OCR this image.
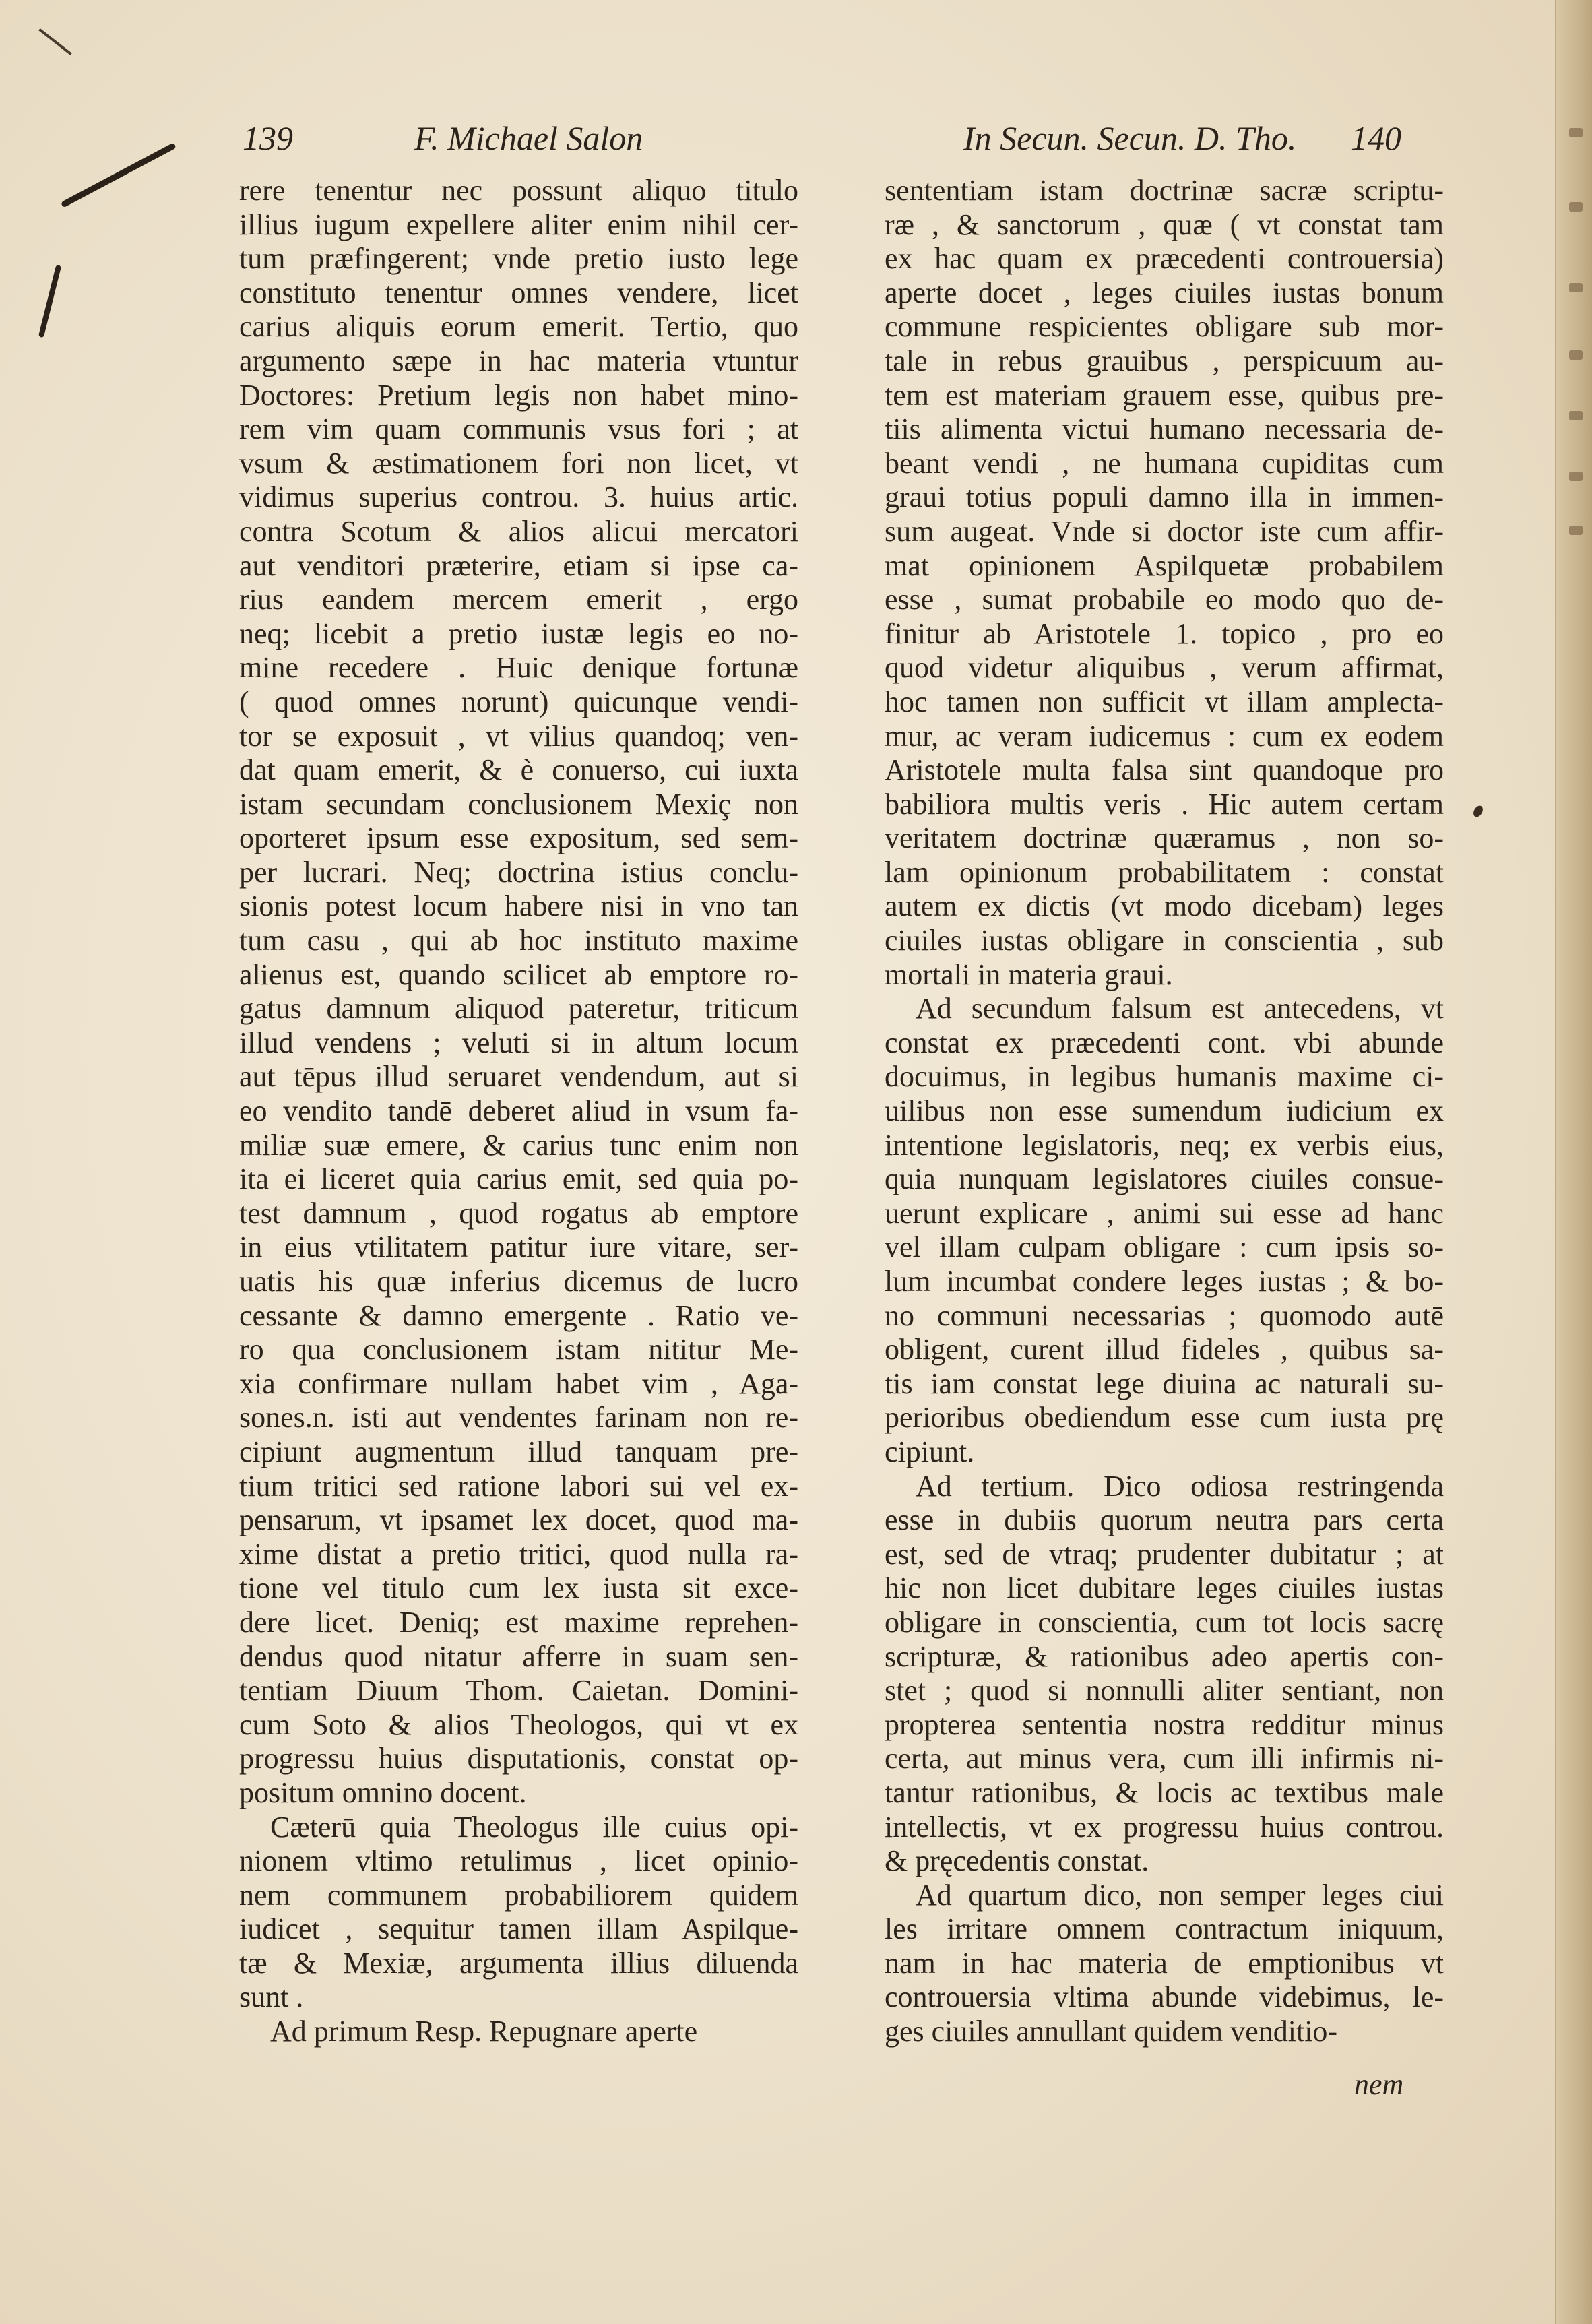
139	F. Michael Salon	In Secun. Secun. D. Tho. 140
rere tenentur nec possunt aliquo titulo
illius iugum expellere aliter enim nihil cer-
tum præfingerent; vnde pretio iusto lege
constituto tenentur omnes vendere, licet
carius aliquis eorum emerit. Tertio, quo
argumento sæpe in hac materia vtuntur
Doctores: Pretium legis non habet mino-
rem vim quam communis vsus fori ; at
vsum & æstimationem fori non licet, vt
vidimus superius controu. 3. huius artic.
contra Scotum & alios alicui mercatori
aut venditori præterire, etiam si ipse ca-
rius eandem mercem emerit , ergo
neq; licebit a pretio iustæ legis eo no-
mine recedere . Huic denique fortunæ
( quod omnes norunt) quicunque vendi-
tor se exposuit , vt vilius quandoq; ven-
dat quam emerit, & è conuerso, cui iuxta
istam secundam conclusionem Mexiç non
oporteret ipsum esse expositum, sed sem-
per lucrari. Neq; doctrina istius conclu-
sionis potest locum habere nisi in vno tan
tum casu , qui ab hoc instituto maxime
alienus est, quando scilicet ab emptore ro-
gatus damnum aliquod pateretur, triticum
illud vendens ; veluti si in altum locum
aut tēpus illud seruaret vendendum, aut si
eo vendito tandē deberet aliud in vsum fa-
miliæ suæ emere, & carius tunc enim non
ita ei liceret quia carius emit, sed quia po-
test damnum , quod rogatus ab emptore
in eius vtilitatem patitur iure vitare, ser-
uatis his quæ inferius dicemus de lucro
cessante & damno emergente . Ratio ve-
ro qua conclusionem istam nititur Me-
xia confirmare nullam habet vim , Aga-
sones.n. isti aut vendentes farinam non re-
cipiunt augmentum illud tanquam pre-
tium tritici sed ratione labori sui vel ex-
pensarum, vt ipsamet lex docet, quod ma-
xime distat a pretio tritici, quod nulla ra-
tione vel titulo cum lex iusta sit exce-
dere licet. Deniq; est maxime reprehen-
dendus quod nitatur afferre in suam sen-
tentiam Diuum Thom. Caietan. Domini-
cum Soto & alios Theologos, qui vt ex
progressu huius disputationis, constat op-
positum omnino docent.
Cæterū quia Theologus ille cuius opi-
nionem vltimo retulimus , licet opinio-
nem communem probabiliorem quidem
iudicet , sequitur tamen illam Aspilque-
tæ & Mexiæ, argumenta illius diluenda
sunt .
Ad primum Resp. Repugnare aperte
sententiam istam doctrinæ sacræ scriptu-
ræ , & sanctorum , quæ ( vt constat tam
ex hac quam ex præcedenti controuersia)
aperte docet , leges ciuiles iustas bonum
commune respicientes obligare sub mor-
tale in rebus grauibus , perspicuum au-
tem est materiam grauem esse, quibus pre-
tiis alimenta victui humano necessaria de-
beant vendi , ne humana cupiditas cum
graui totius populi damno illa in immen-
sum augeat. Vnde si doctor iste cum affir-
mat opinionem Aspilquetæ probabilem
esse , sumat probabile eo modo quo de-
finitur ab Aristotele 1. topico , pro eo
quod videtur aliquibus , verum affirmat,
hoc tamen non sufficit vt illam amplecta-
mur, ac veram iudicemus : cum ex eodem
Aristotele multa falsa sint quandoque pro
babiliora multis veris . Hic autem certam
veritatem doctrinæ quæramus , non so-
lam opinionum probabilitatem : constat
autem ex dictis (vt modo dicebam) leges
ciuiles iustas obligare in conscientia , sub
mortali in materia graui.
Ad secundum falsum est antecedens, vt
constat ex præcedenti cont. vbi abunde
docuimus, in legibus humanis maxime ci-
uilibus non esse sumendum iudicium ex
intentione legislatoris, neq; ex verbis eius,
quia nunquam legislatores ciuiles consue-
uerunt explicare , animi sui esse ad hanc
vel illam culpam obligare : cum ipsis so-
lum incumbat condere leges iustas ; & bo-
no communi necessarias ; quomodo autē
obligent, curent illud fideles , quibus sa-
tis iam constat lege diuina ac naturali su-
perioribus obediendum esse cum iusta prę
cipiunt.
Ad tertium. Dico odiosa restringenda
esse in dubiis quorum neutra pars certa
est, sed de vtraq; prudenter dubitatur ; at
hic non licet dubitare leges ciuiles iustas
obligare in conscientia, cum tot locis sacrę
scripturæ, & rationibus adeo apertis con-
stet ; quod si nonnulli aliter sentiant, non
propterea sententia nostra redditur minus
certa, aut minus vera, cum illi infirmis ni-
tantur rationibus, & locis ac textibus male
intellectis, vt ex progressu huius controu.
& pręcedentis constat.
Ad quartum dico, non semper leges ciui
les irritare omnem contractum iniquum,
nam in hac materia de emptionibus vt
controuersia vltima abunde videbimus, le-
ges ciuiles annullant quidem venditio-
nem
